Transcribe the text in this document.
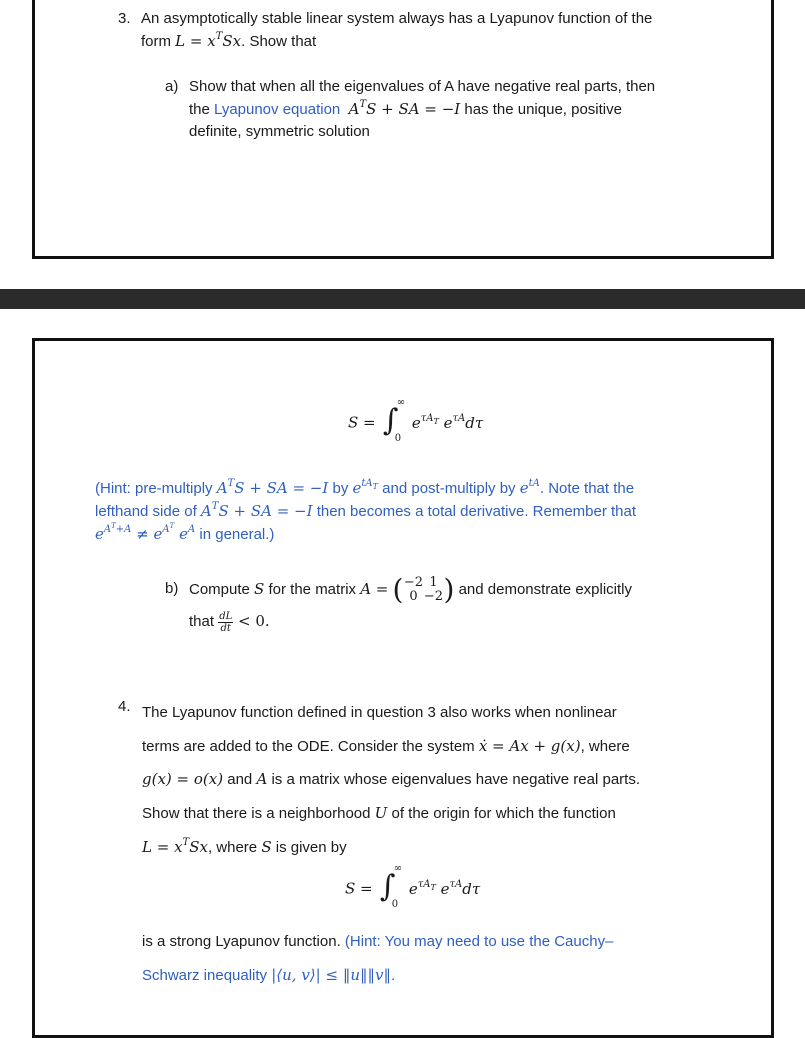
3. An asymptotically stable linear system always has a Lyapunov function of the
form $L = x^TSx$. Show that
a) Show that when all the eigenvalues of A have negative real parts, then
the Lyapunov equation $A^TS$ + SA = −I has the unique, positive
definite, symmetric solution
S = ∫
∞
0
$e^{\tau AT}$ $e^{\tau A}d\tau$
(Hint: pre-multiply $A^TS$ + SA = −I by $e^{tAT}$ and post-multiply by $e^{tA}$. Note that the
lefthand side of $A^TS$ + SA = −I then becomes a total derivative. Remember that
$e^{A^T+A} \ne e^{A^T}$ $e^A$ in general.)
b) Compute S for the matrix A = (−2 1
0 −2) and demonstrate explicitly
that $\frac{dL}{dt} < 0$.
4. The Lyapunov function defined in question 3 also works when nonlinear
terms are added to the ODE. Consider the system ẋ = Ax + g(x), where
g(x) = o(x) and A is a matrix whose eigenvalues have negative real parts.
Show that there is a neighborhood U of the origin for which the function
$L = x^TSx$, where S is given by
S = ∫
∞
0
$e^{\tau AT}$ $e^{\tau A}d\tau$
is a strong Lyapunov function. (Hint: You may need to use the Cauchy–
Schwarz inequality |⟨u, v⟩| ≤ ‖u‖‖v‖.
